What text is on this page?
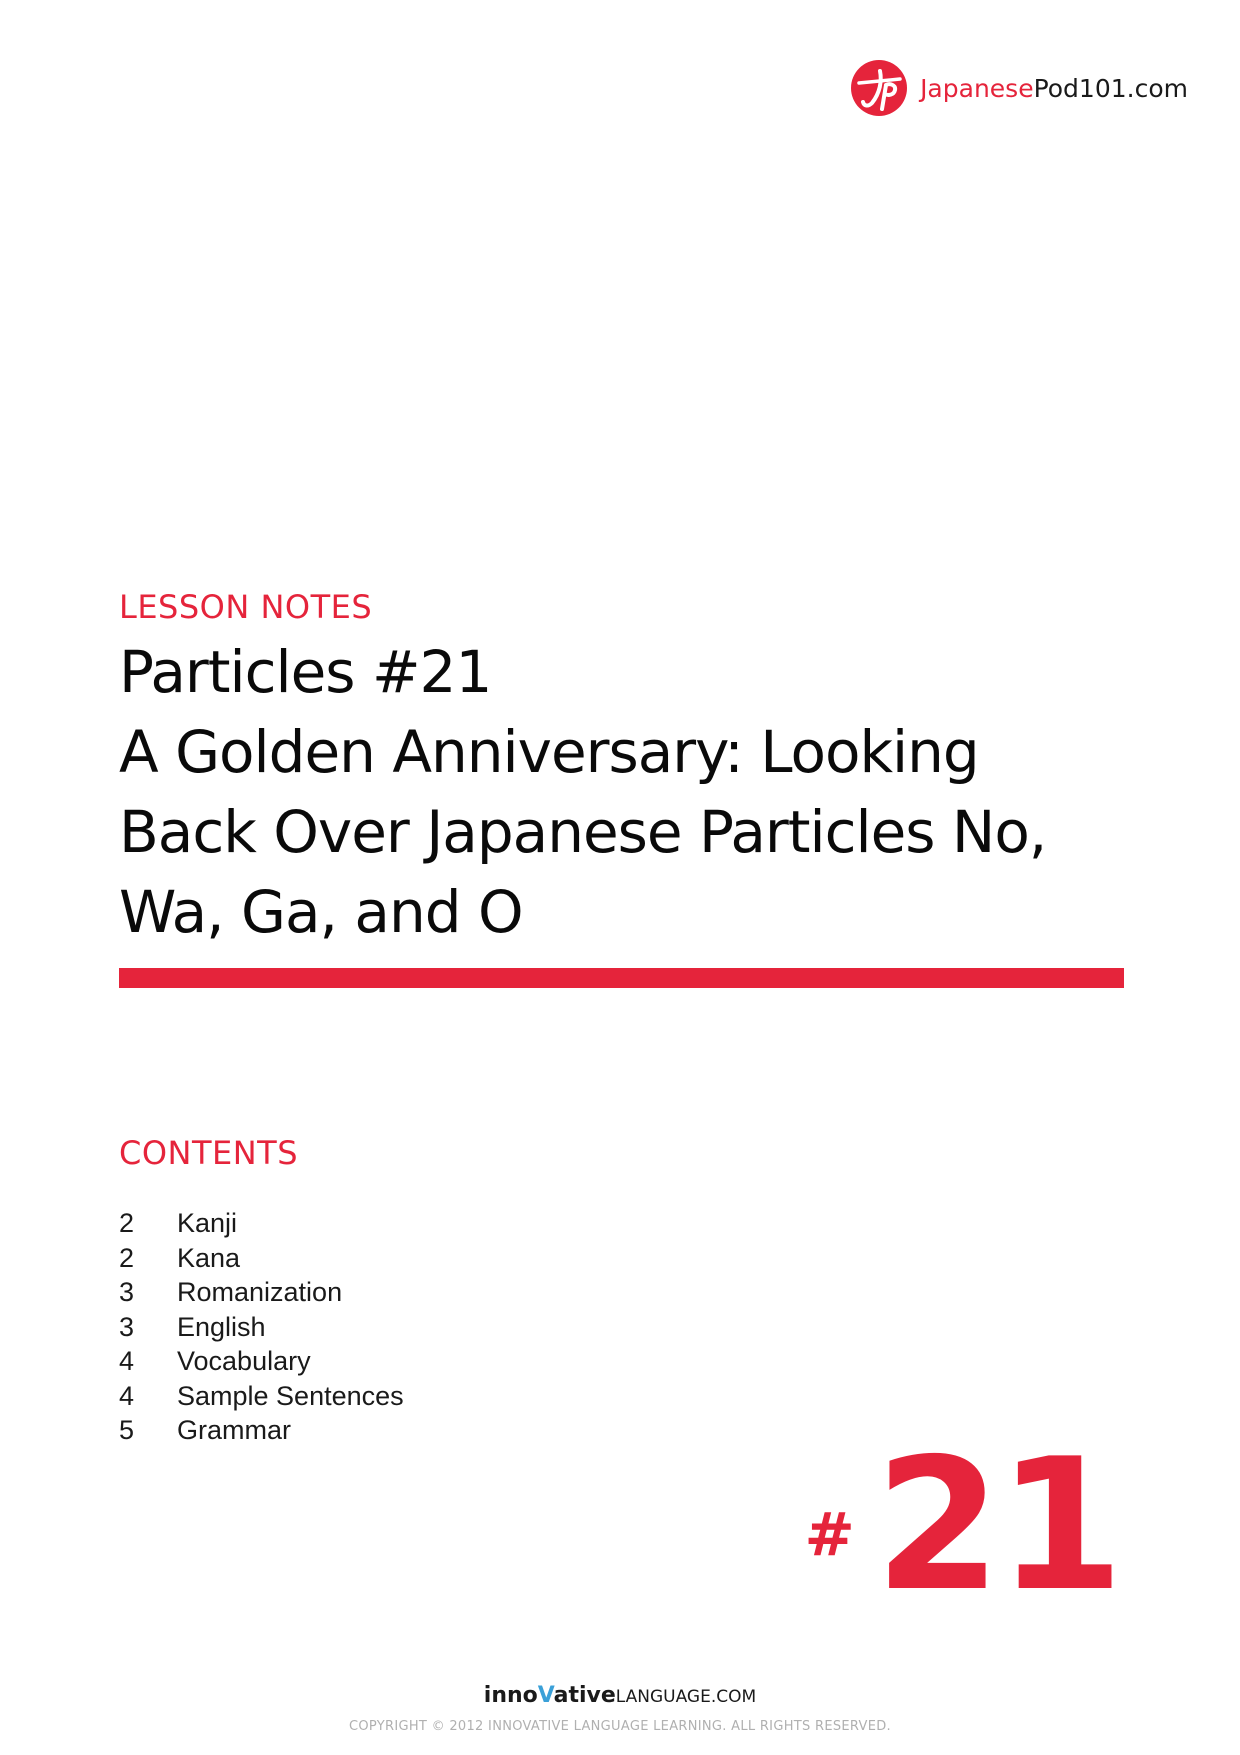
JapanesePod101.com
LESSON NOTES
Particles #21
A Golden Anniversary: Looking
Back Over Japanese Particles No,
Wa, Ga, and O
CONTENTS
2	Kanji
2	Kana
3	Romanization
3	English
4	Vocabulary
4	Sample Sentences
5	Grammar
# 21
innoVativeLANGUAGE.COM
COPYRIGHT © 2012 INNOVATIVE LANGUAGE LEARNING. ALL RIGHTS RESERVED.
